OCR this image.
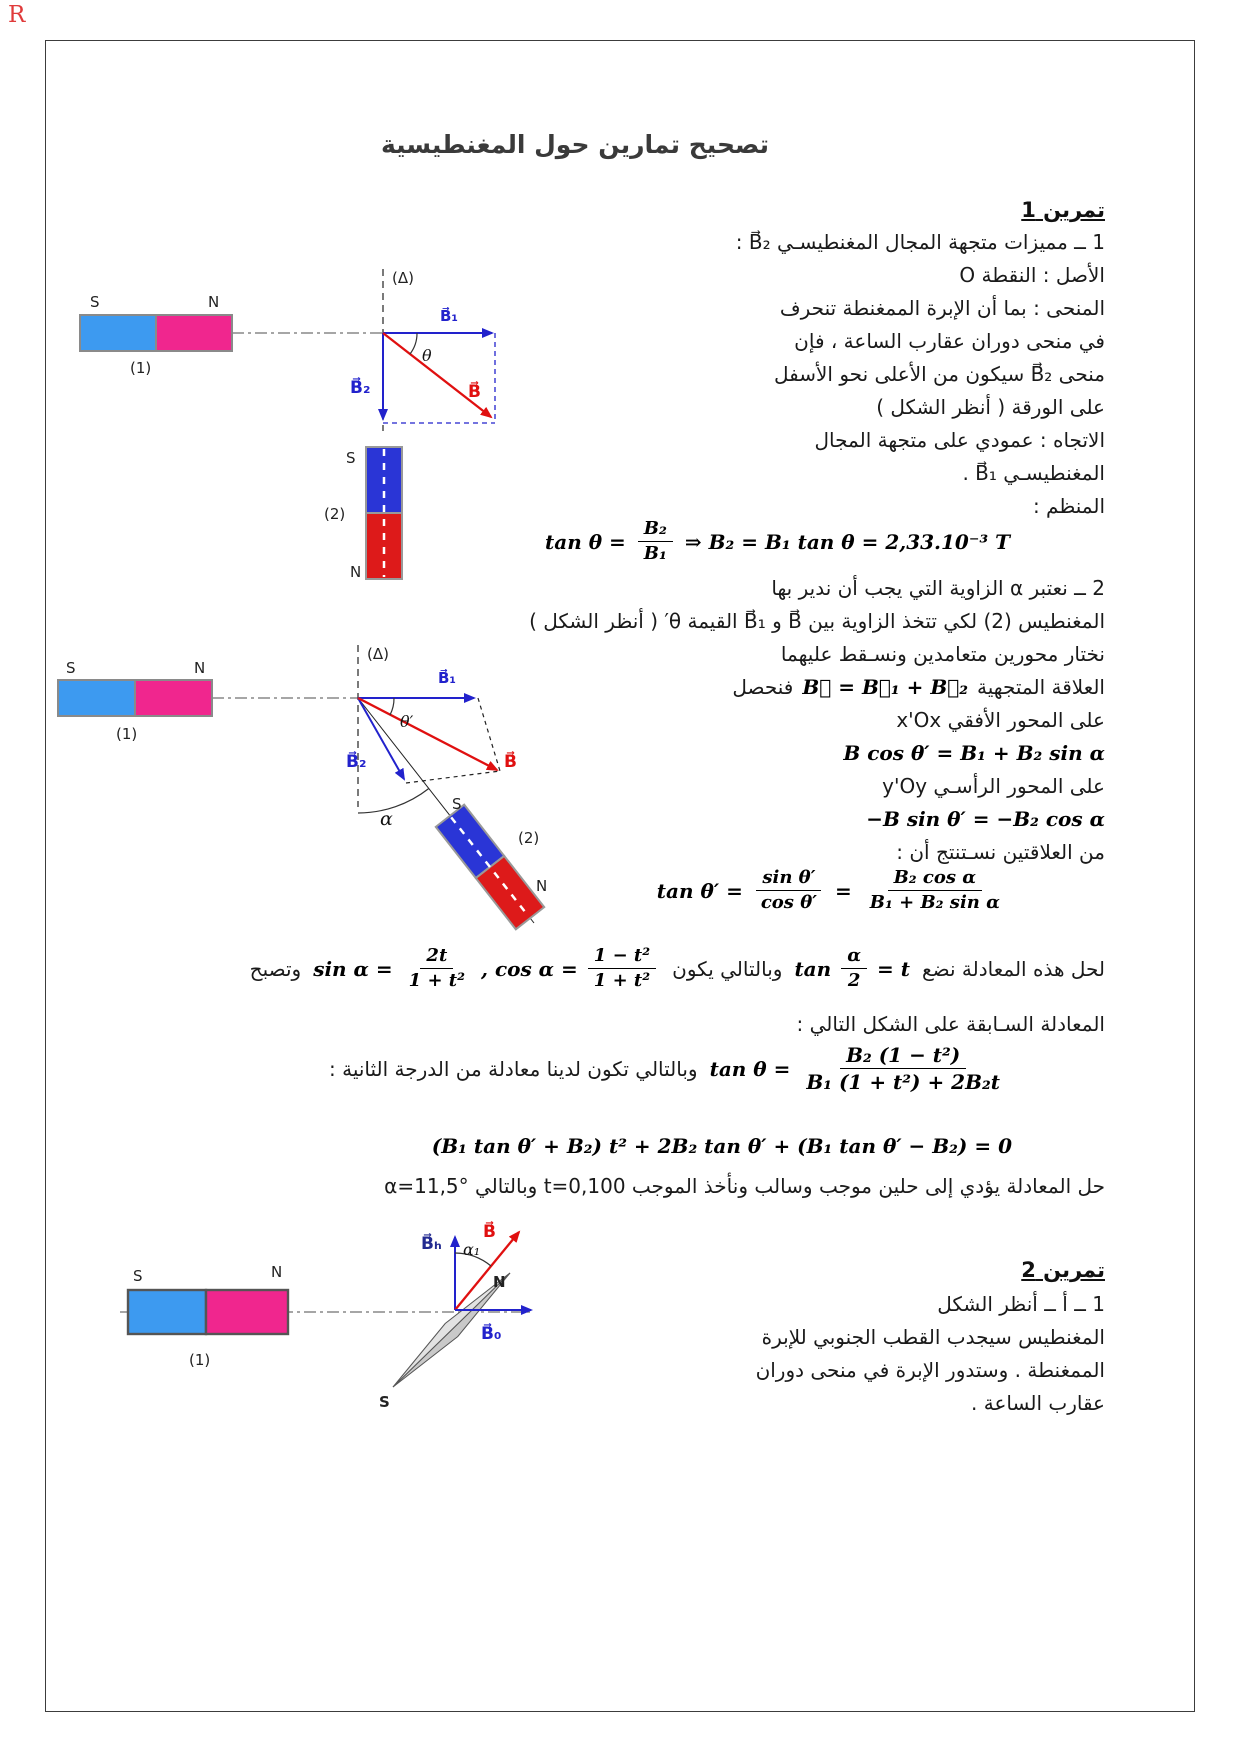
R
تصحيح تمارين حول المغنطيسية
تمرين 1
1 ــ مميزات متجهة المجال المغنطيسـي B⃗₂ :
الأصل : النقطة O
المنحى : بما أن الإبرة الممغنطة تنحرف
في منحى دوران عقارب الساعة ، فإن
منحى B⃗₂ سيكون من الأعلى نحو الأسفل
على الورقة ( أنظر الشكل )
الاتجاه : عمودي على متجهة المجال
المغنطيسـي B⃗₁ .
المنظم :
$\tan \theta = \frac{\text{B₂}}{\text{B₁}}$ ⇒ B₂ = B₁ tan θ = 2,33.10⁻³ T
2 ــ نعتبر α الزاوية التي يجب أن ندير بها
المغنطيس (2) لكي تتخذ الزاوية بين B⃗ و B⃗₁ القيمة θ′ ( أنظر الشكل )
نختار محورين متعامدين ونسـقط عليهما
العلاقة المتجهية
B⃗ = B⃗₁ + B⃗₂
فنحصل
على المحور الأفقي x'Ox
B cos θ′ = B₁ + B₂ sin α
على المحور الرأسـي y'Oy
−B sin θ′ = −B₂ cos α
من العلاقتين نسـتنتج أن :
$\tan \theta' = \frac{\text{sin θ′}}{\text{cos θ′}} = \frac{\text{B₂ cos α}}{\text{B₁ + B₂ sin α}}$
لحل هذه المعادلة نضع
$\tan \frac{\alpha}{2} = t$
وبالتالي يكون
$\sin \alpha = \frac{2t}{\text{1 + t²}}$ , $\cos \alpha = \frac{\text{1 − t²}}{\text{1 + t²}}$
وتصبح
المعادلة السـابقة على الشكل التالي :
$\tan \theta = \frac{\text{B₂ (1 − t²)}}{\text{B₁ (1 + t²) + 2B₂t}}$
وبالتالي تكون لدينا معادلة من الدرجة الثانية :
(B₁ tan θ′ + B₂) t² + 2B₂ tan θ′ + (B₁ tan θ′ − B₂) = 0
حل المعادلة يؤدي إلى حلين موجب وسالب ونأخذ الموجب t=0,100 وبالتالي α=11,5°
تمرين 2
1 ــ أ ــ أنظر الشكل
المغنطيس سيجدب القطب الجنوبي للإبرة
الممغنطة . وستدور الإبرة في منحى دوران
عقارب الساعة .
S	N
(1)
(Δ)
θ
B⃗₁
B⃗₂	B⃗
S
N
(2)
S	N
(1)
(Δ)
θ′
α
B⃗₁
B⃗₂	B⃗
S
N
(2)
S	N
(1)
B⃗ₕ α₁
B⃗
B⃗₀
N
S
